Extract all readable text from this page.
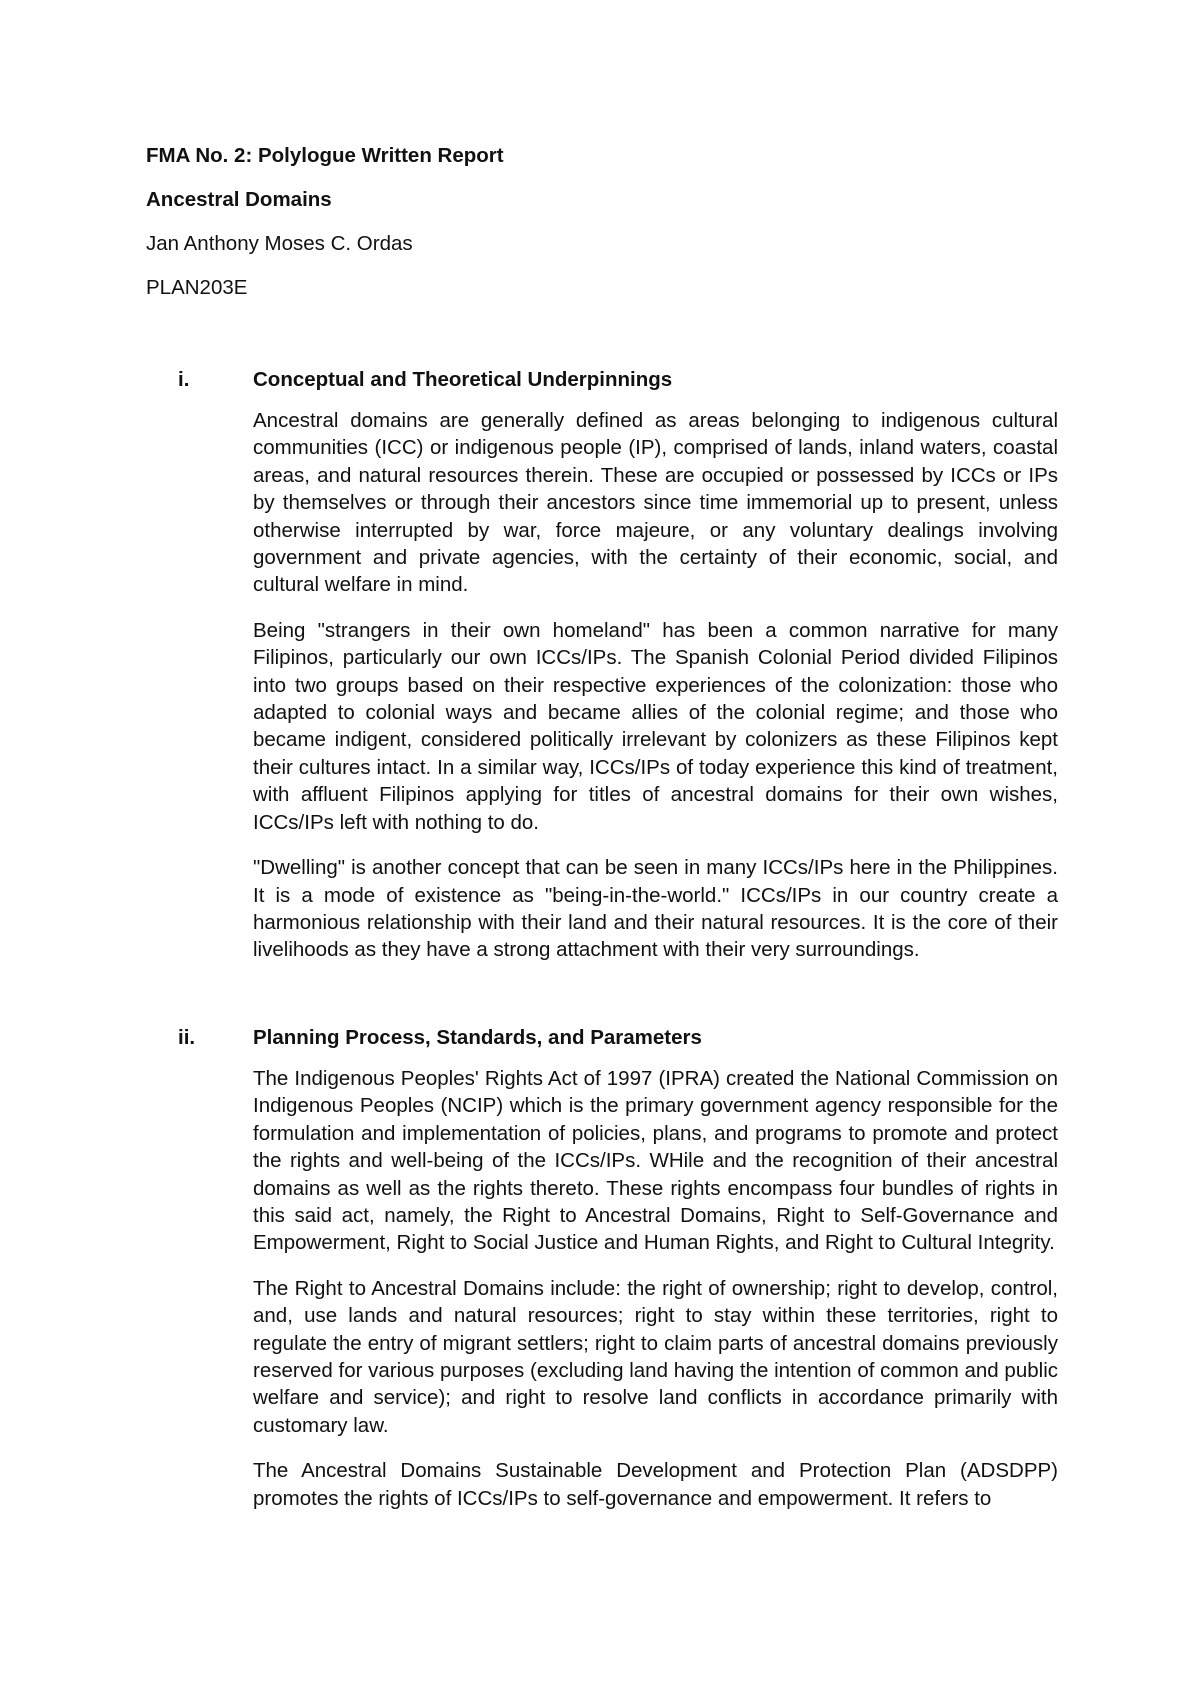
FMA No. 2: Polylogue Written Report
Ancestral Domains
Jan Anthony Moses C. Ordas
PLAN203E
i.	Conceptual and Theoretical Underpinnings

Ancestral domains are generally defined as areas belonging to indigenous cultural communities (ICC) or indigenous people (IP), comprised of lands, inland waters, coastal areas, and natural resources therein. These are occupied or possessed by ICCs or IPs by themselves or through their ancestors since time immemorial up to present, unless otherwise interrupted by war, force majeure, or any voluntary dealings involving government and private agencies, with the certainty of their economic, social, and cultural welfare in mind.

Being "strangers in their own homeland" has been a common narrative for many Filipinos, particularly our own ICCs/IPs. The Spanish Colonial Period divided Filipinos into two groups based on their respective experiences of the colonization: those who adapted to colonial ways and became allies of the colonial regime; and those who became indigent, considered politically irrelevant by colonizers as these Filipinos kept their cultures intact. In a similar way, ICCs/IPs of today experience this kind of treatment, with affluent Filipinos applying for titles of ancestral domains for their own wishes, ICCs/IPs left with nothing to do.

"Dwelling" is another concept that can be seen in many ICCs/IPs here in the Philippines. It is a mode of existence as "being-in-the-world." ICCs/IPs in our country create a harmonious relationship with their land and their natural resources. It is the core of their livelihoods as they have a strong attachment with their very surroundings.

ii.	Planning Process, Standards, and Parameters

The Indigenous Peoples' Rights Act of 1997 (IPRA) created the National Commission on Indigenous Peoples (NCIP) which is the primary government agency responsible for the formulation and implementation of policies, plans, and programs to promote and protect the rights and well-being of the ICCs/IPs. WHile and the recognition of their ancestral domains as well as the rights thereto. These rights encompass four bundles of rights in this said act, namely, the Right to Ancestral Domains, Right to Self-Governance and Empowerment, Right to Social Justice and Human Rights, and Right to Cultural Integrity.

The Right to Ancestral Domains include: the right of ownership; right to develop, control, and, use lands and natural resources; right to stay within these territories, right to regulate the entry of migrant settlers; right to claim parts of ancestral domains previously reserved for various purposes (excluding land having the intention of common and public welfare and service); and right to resolve land conflicts in accordance primarily with customary law.

The Ancestral Domains Sustainable Development and Protection Plan (ADSDPP) promotes the rights of ICCs/IPs to self-governance and empowerment. It refers to
